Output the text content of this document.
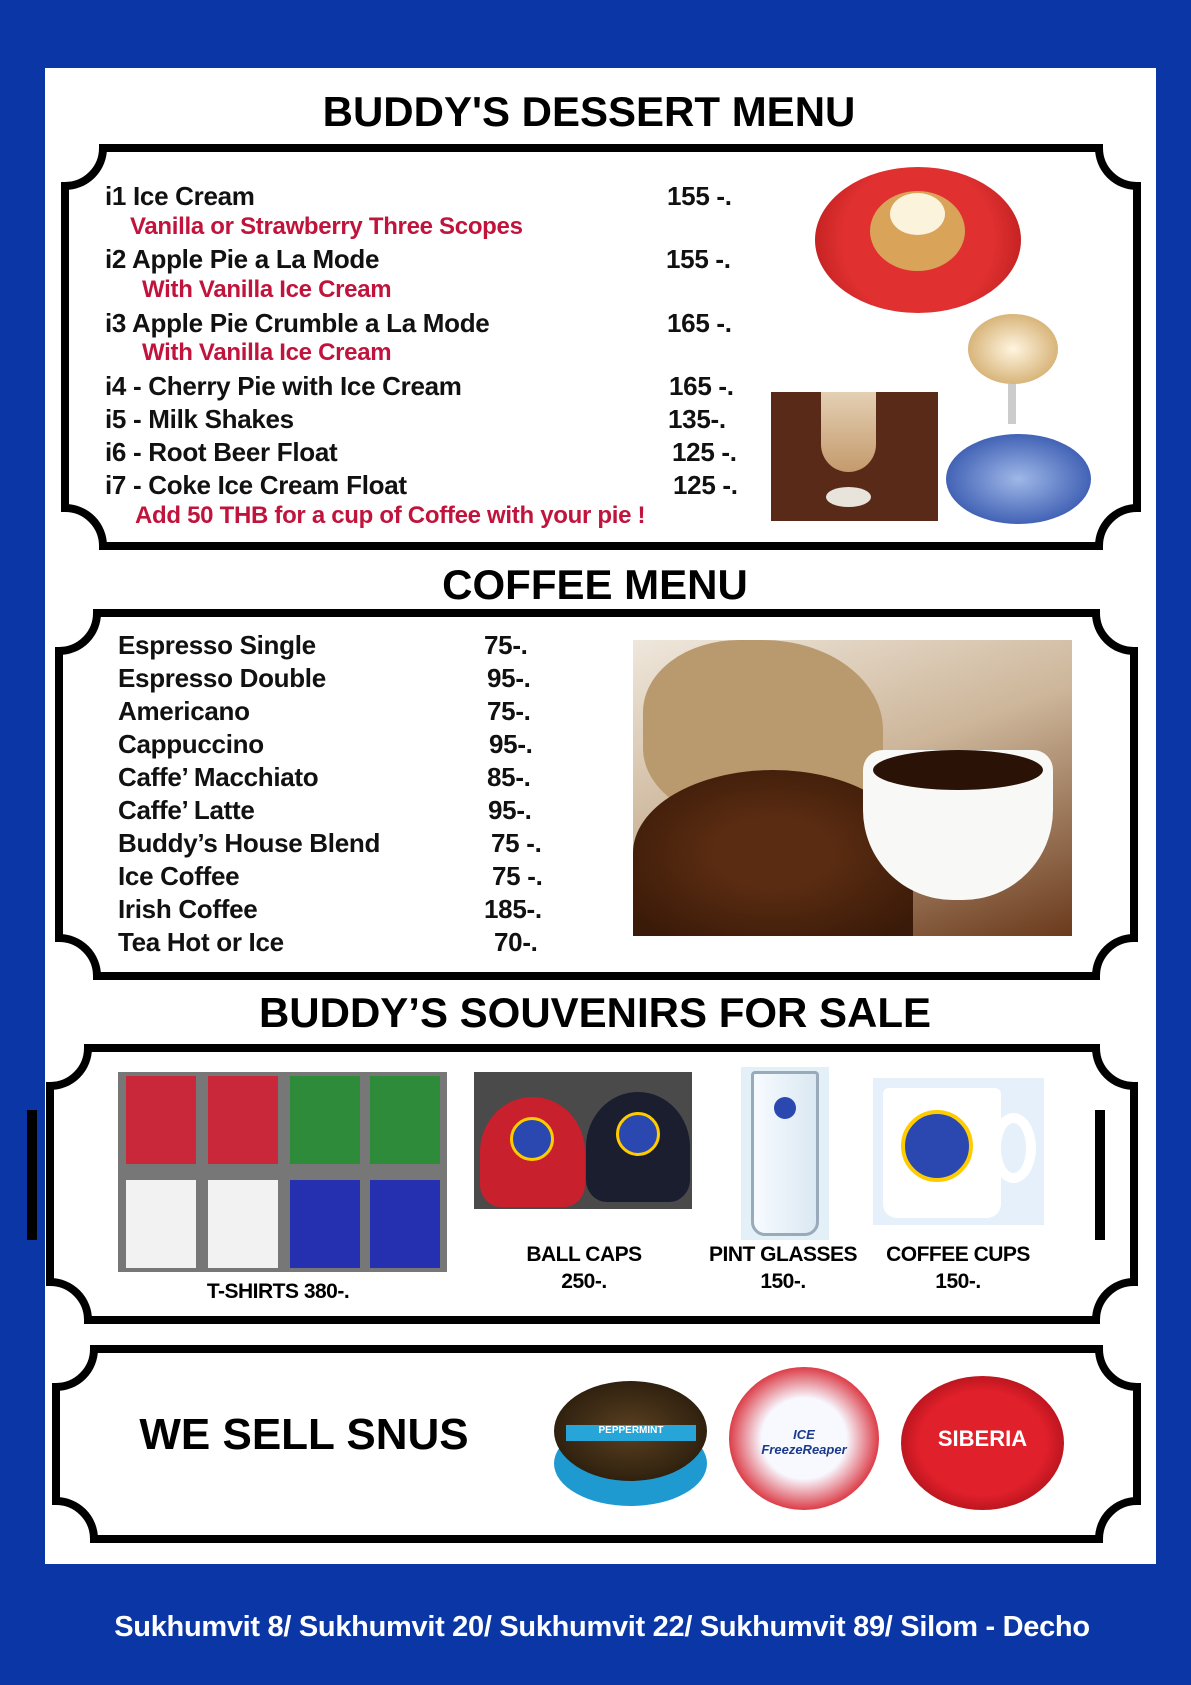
BUDDY'S DESSERT MENU
i1 Ice Cream	155 -.
Vanilla or Strawberry Three Scopes
i2 Apple Pie a La Mode	155 -.
With Vanilla Ice Cream
i3 Apple Pie Crumble a La Mode	165 -.
With Vanilla Ice Cream
i4 - Cherry Pie with Ice Cream	165 -.
i5 - Milk Shakes	135-.
i6 - Root Beer Float	125 -.
i7 - Coke Ice Cream Float	125 -.
Add 50 THB for a cup of Coffee with your pie !
COFFEE MENU
Espresso Single	75-.
Espresso Double	95-.
Americano	75-.
Cappuccino	95-.
Caffe’ Macchiato	85-.
Caffe’ Latte	95-.
Buddy’s House Blend	75 -.
Ice Coffee	75 -.
Irish Coffee	185-.
Tea Hot or Ice	70-.
BUDDY’S SOUVENIRS FOR SALE
T-SHIRTS 380-.
BALL CAPS
250-.
PINT GLASSES
150-.
COFFEE CUPS
150-.
WE SELL SNUS	PEPPERMINT	ICE FreezeReaper	SIBERIA
Sukhumvit 8/ Sukhumvit 20/ Sukhumvit 22/ Sukhumvit 89/ Silom - Decho
